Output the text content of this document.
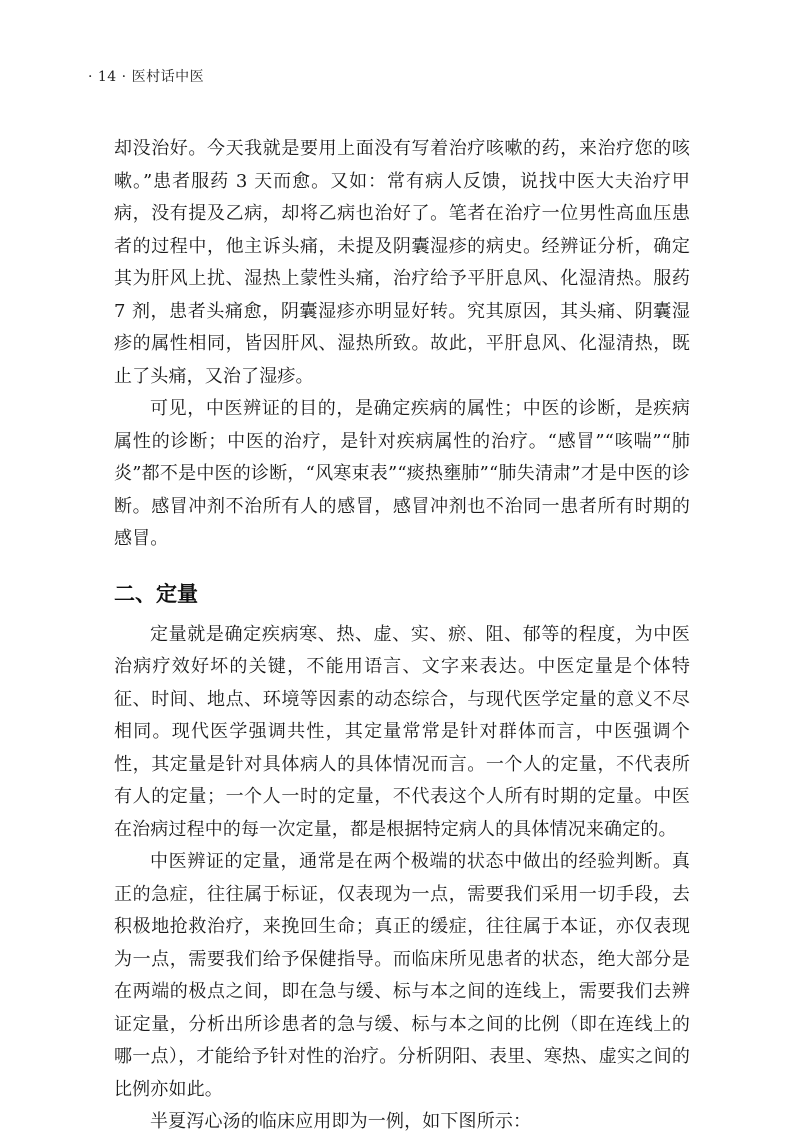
· 14 · 医村话中医

却没治好。今天我就是要用上面没有写着治疗咳嗽的药，来治疗您的咳嗽。”患者服药 3 天而愈。又如：常有病人反馈，说找中医大夫治疗甲病，没有提及乙病，却将乙病也治好了。笔者在治疗一位男性高血压患者的过程中，他主诉头痛，未提及阴囊湿疹的病史。经辨证分析，确定其为肝风上扰、湿热上蒙性头痛，治疗给予平肝息风、化湿清热。服药 7 剂，患者头痛愈，阴囊湿疹亦明显好转。究其原因，其头痛、阴囊湿疹的属性相同，皆因肝风、湿热所致。故此，平肝息风、化湿清热，既止了头痛，又治了湿疹。

可见，中医辨证的目的，是确定疾病的属性；中医的诊断，是疾病属性的诊断；中医的治疗，是针对疾病属性的治疗。“感冒”“咳喘”“肺炎”都不是中医的诊断，“风寒束表”“痰热壅肺”“肺失清肃”才是中医的诊断。感冒冲剂不治所有人的感冒，感冒冲剂也不治同一患者所有时期的感冒。

二、定量

定量就是确定疾病寒、热、虚、实、瘀、阻、郁等的程度，为中医治病疗效好坏的关键，不能用语言、文字来表达。中医定量是个体特征、时间、地点、环境等因素的动态综合，与现代医学定量的意义不尽相同。现代医学强调共性，其定量常常是针对群体而言，中医强调个性，其定量是针对具体病人的具体情况而言。一个人的定量，不代表所有人的定量；一个人一时的定量，不代表这个人所有时期的定量。中医在治病过程中的每一次定量，都是根据特定病人的具体情况来确定的。

中医辨证的定量，通常是在两个极端的状态中做出的经验判断。真正的急症，往往属于标证，仅表现为一点，需要我们采用一切手段，去积极地抢救治疗，来挽回生命；真正的缓症，往往属于本证，亦仅表现为一点，需要我们给予保健指导。而临床所见患者的状态，绝大部分是在两端的极点之间，即在急与缓、标与本之间的连线上，需要我们去辨证定量，分析出所诊患者的急与缓、标与本之间的比例（即在连线上的哪一点），才能给予针对性的治疗。分析阴阳、表里、寒热、虚实之间的比例亦如此。

半夏泻心汤的临床应用即为一例，如下图所示：
